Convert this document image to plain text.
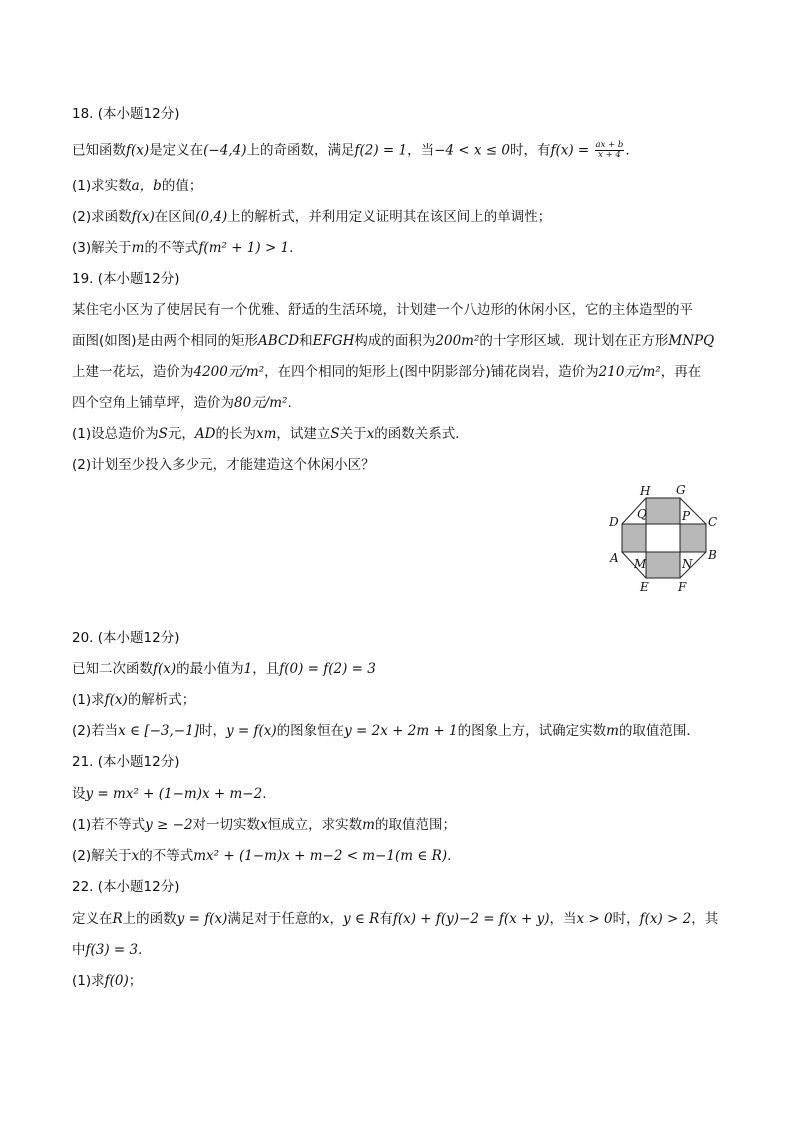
18. (本小题12分)
已知函数f(x)是定义在(−4,4)上的奇函数，满足f(2) = 1，当−4 < x ≤ 0时，有$f(x) = \frac{ax + b}{x + 4}$ .
(1)求实数a，b的值；
(2)求函数f(x)在区间(0,4)上的解析式，并利用定义证明其在该区间上的单调性；
(3)解关于m的不等式f(m² + 1) > 1.
19. (本小题12分)
某住宅小区为了使居民有一个优雅、舒适的生活环境，计划建一个八边形的休闲小区，它的主体造型的平
面图(如图)是由两个相同的矩形ABCD和EFGH构成的面积为200m²的十字形区域．现计划在正方形MNPQ
上建一花坛，造价为4200元/m²，在四个相同的矩形上(图中阴影部分)铺花岗岩，造价为210元/m²，再在
四个空角上铺草坪，造价为80元/m².
(1)设总造价为S元，AD的长为xm，试建立S关于x的函数关系式．
(2)计划至少投入多少元，才能建造这个休闲小区？
H G
D	C
Q	P
A	B
M	N
E F
20. (本小题12分)
已知二次函数f(x)的最小值为1，且f(0) = f(2) = 3
(1)求f(x)的解析式；
(2)若当x ∈ [−3,−1]时，y = f(x)的图象恒在y = 2x + 2m + 1的图象上方，试确定实数m的取值范围．
21. (本小题12分)
设y = mx² + (1−m)x + m−2.
(1)若不等式y ≥ −2对一切实数x恒成立，求实数m的取值范围；
(2)解关于x的不等式mx² + (1−m)x + m−2 < m−1(m ∈ R).
22. (本小题12分)
定义在R上的函数y = f(x)满足对于任意的x，y ∈ R有f(x) + f(y)−2 = f(x + y)，当x > 0时，f(x) > 2，其
中f(3) = 3.
(1)求f(0)；
